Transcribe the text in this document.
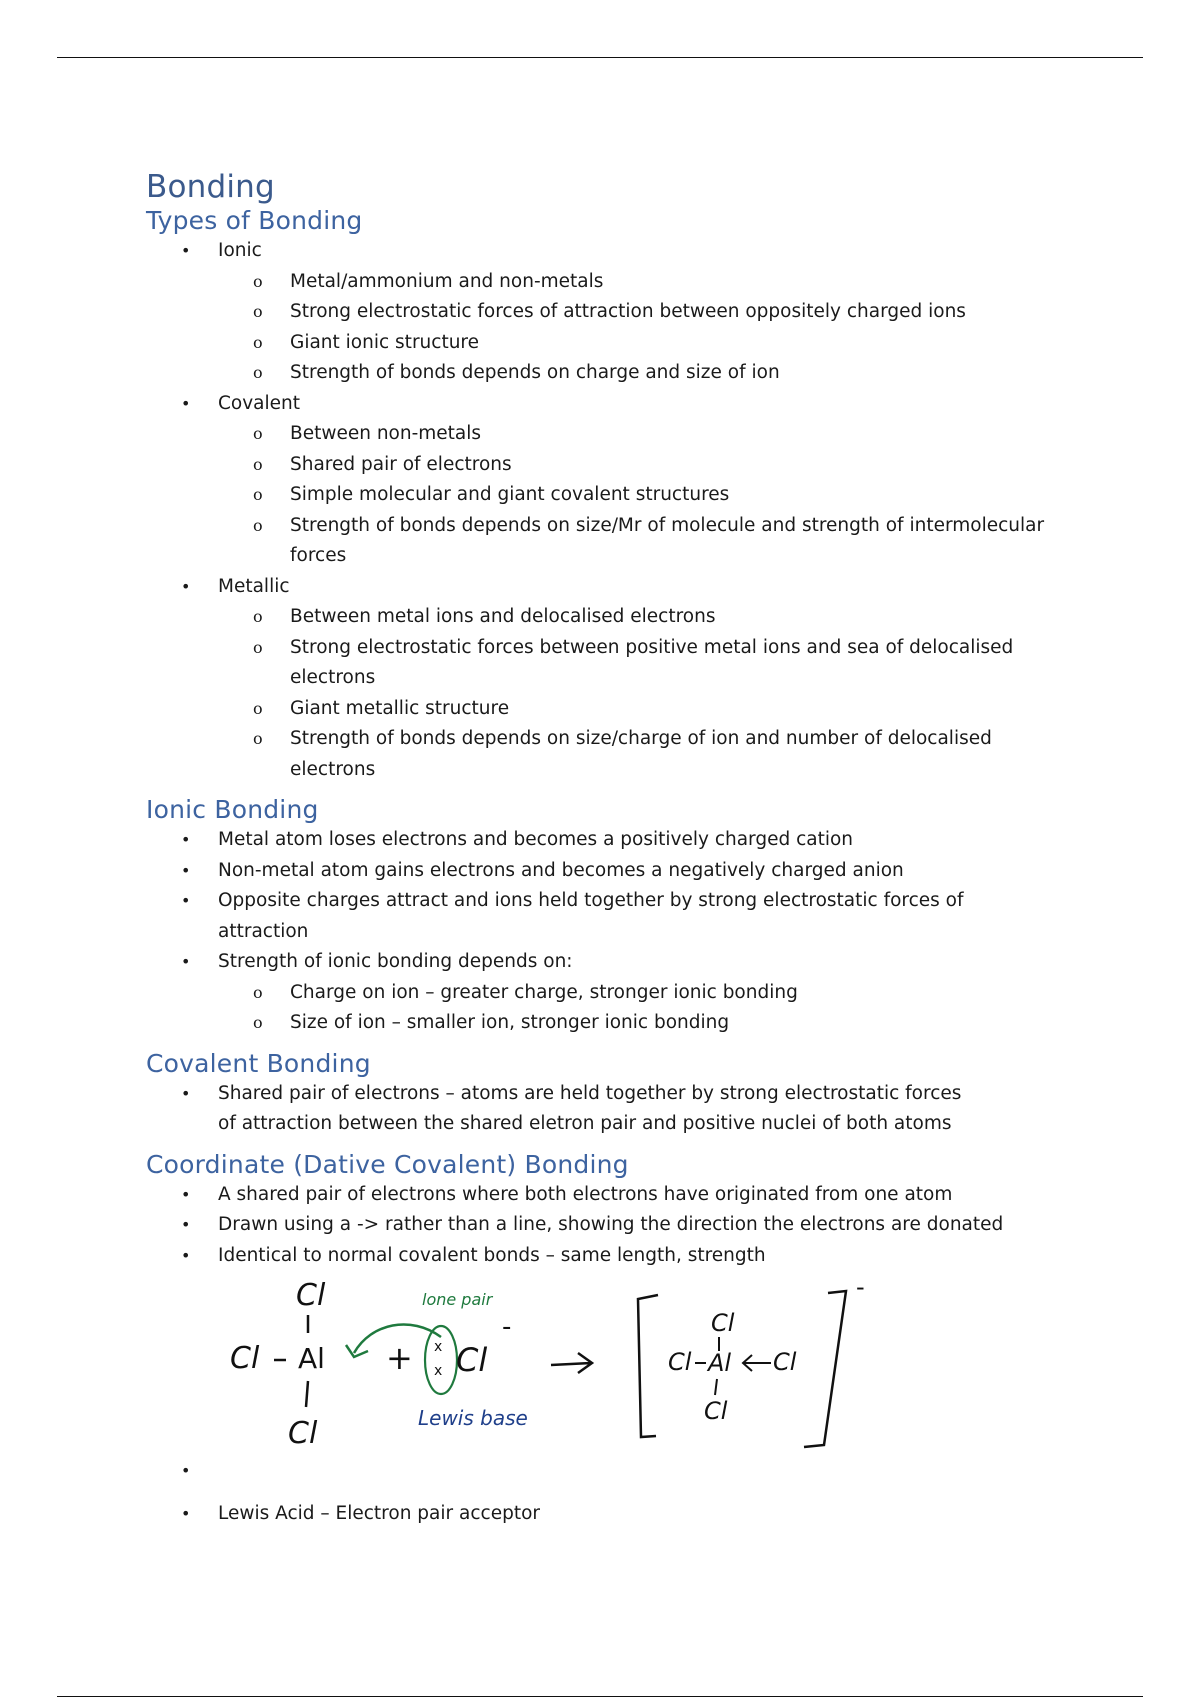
Bonding
Types of Bonding
• Ionic
o Metal/ammonium and non-metals
o Strong electrostatic forces of attraction between oppositely charged ions
o Giant ionic structure
o Strength of bonds depends on charge and size of ion
• Covalent
o Between non-metals
o Shared pair of electrons
o Simple molecular and giant covalent structures
o Strength of bonds depends on size/Mr of molecule and strength of intermolecular forces
• Metallic
o Between metal ions and delocalised electrons
o Strong electrostatic forces between positive metal ions and sea of delocalised electrons
o Giant metallic structure
o Strength of bonds depends on size/charge of ion and number of delocalised electrons
Ionic Bonding
• Metal atom loses electrons and becomes a positively charged cation
• Non-metal atom gains electrons and becomes a negatively charged anion
• Opposite charges attract and ions held together by strong electrostatic forces of attraction
• Strength of ionic bonding depends on:
o Charge on ion – greater charge, stronger ionic bonding
o Size of ion – smaller ion, stronger ionic bonding
Covalent Bonding
• Shared pair of electrons – atoms are held together by strong electrostatic forces of attraction between the shared eletron pair and positive nuclei of both atoms
Coordinate (Dative Covalent) Bonding
• A shared pair of electrons where both electrons have originated from one atom
• Drawn using a -> rather than a line, showing the direction the electrons are donated
• Identical to normal covalent bonds – same length, strength
• Cl
Cl Al
Cl
+
lone pair
x
x Cl
-
Lewis base
-
Cl
Cl Al Cl
Cl
• Lewis Acid – Electron pair acceptor
